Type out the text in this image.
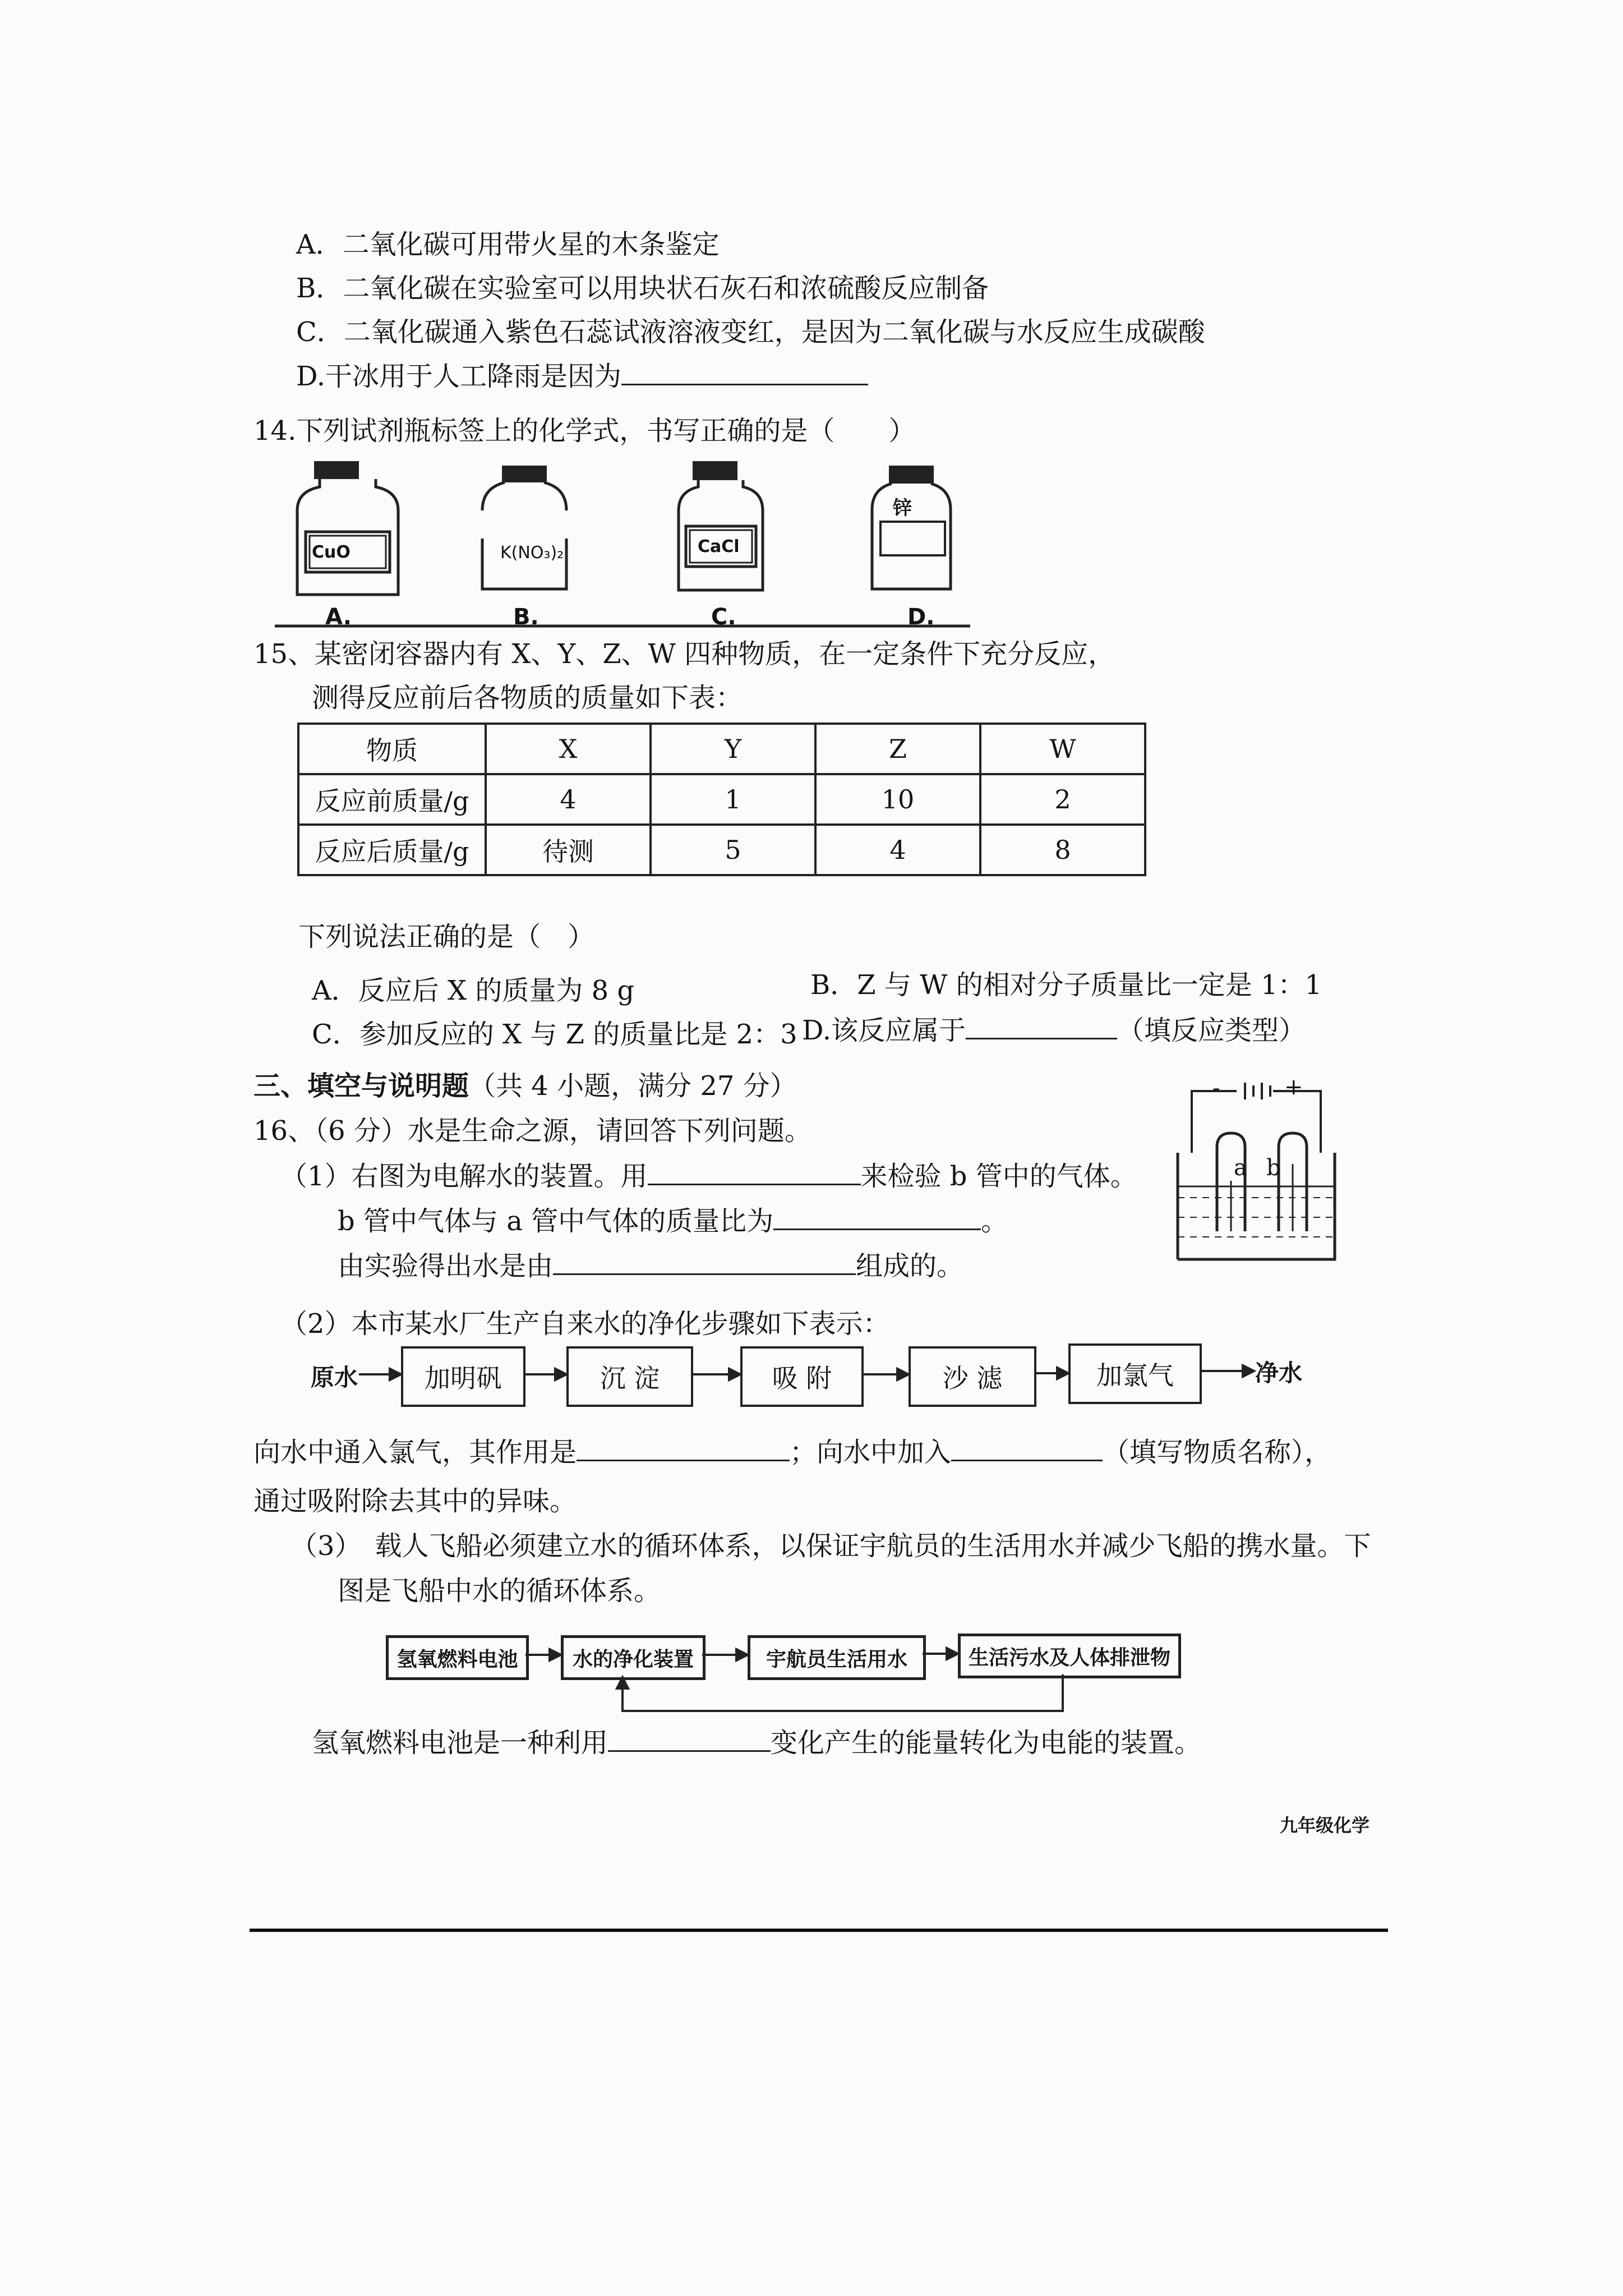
A．二氧化碳可用带火星的木条鉴定
B．二氧化碳在实验室可以用块状石灰石和浓硫酸反应制备
C．二氧化碳通入紫色石蕊试液溶液变红，是因为二氧化碳与水反应生成碳酸
D.干冰用于人工降雨是因为
14.下列试剂瓶标签上的化学式，书写正确的是（　　）
CuO	K(NO₃)₂	CaCl
锌
A.	B.	C.	D.
15、某密闭容器内有 X、Y、Z、W 四种物质，在一定条件下充分反应，
测得反应前后各物质的质量如下表：
物质	X	Y	Z	W
反应前质量/g	4	1	10	2
反应后质量/g	待测	5	4	8
下列说法正确的是（　）
A．反应后 X 的质量为 8 g	B．Z 与 W 的相对分子质量比一定是 1：1
C．参加反应的 X 与 Z 的质量比是 2：3 D.该反应属于	（填反应类型）
三、填空与说明题（共 4 小题，满分 27 分）
16、（6 分）水是生命之源，请回答下列问题。
（1）右图为电解水的装置。用	来检验 b 管中的气体。
b 管中气体与 a 管中气体的质量比为	。
由实验得出水是由	组成的。
-	+
a b
（2）本市某水厂生产自来水的净化步骤如下表示：
原水	加明矾	沉 淀	吸 附	沙 滤	加氯气	净水
向水中通入氯气，其作用是	；向水中加入	（填写物质名称），
通过吸附除去其中的异味。
（3）　载人飞船必须建立水的循环体系，以保证宇航员的生活用水并减少飞船的携水量。下
图是飞船中水的循环体系。
氢氧燃料电池	水的净化装置	宇航员生活用水	生活污水及人体排泄物
氢氧燃料电池是一种利用	变化产生的能量转化为电能的装置。
九年级化学
